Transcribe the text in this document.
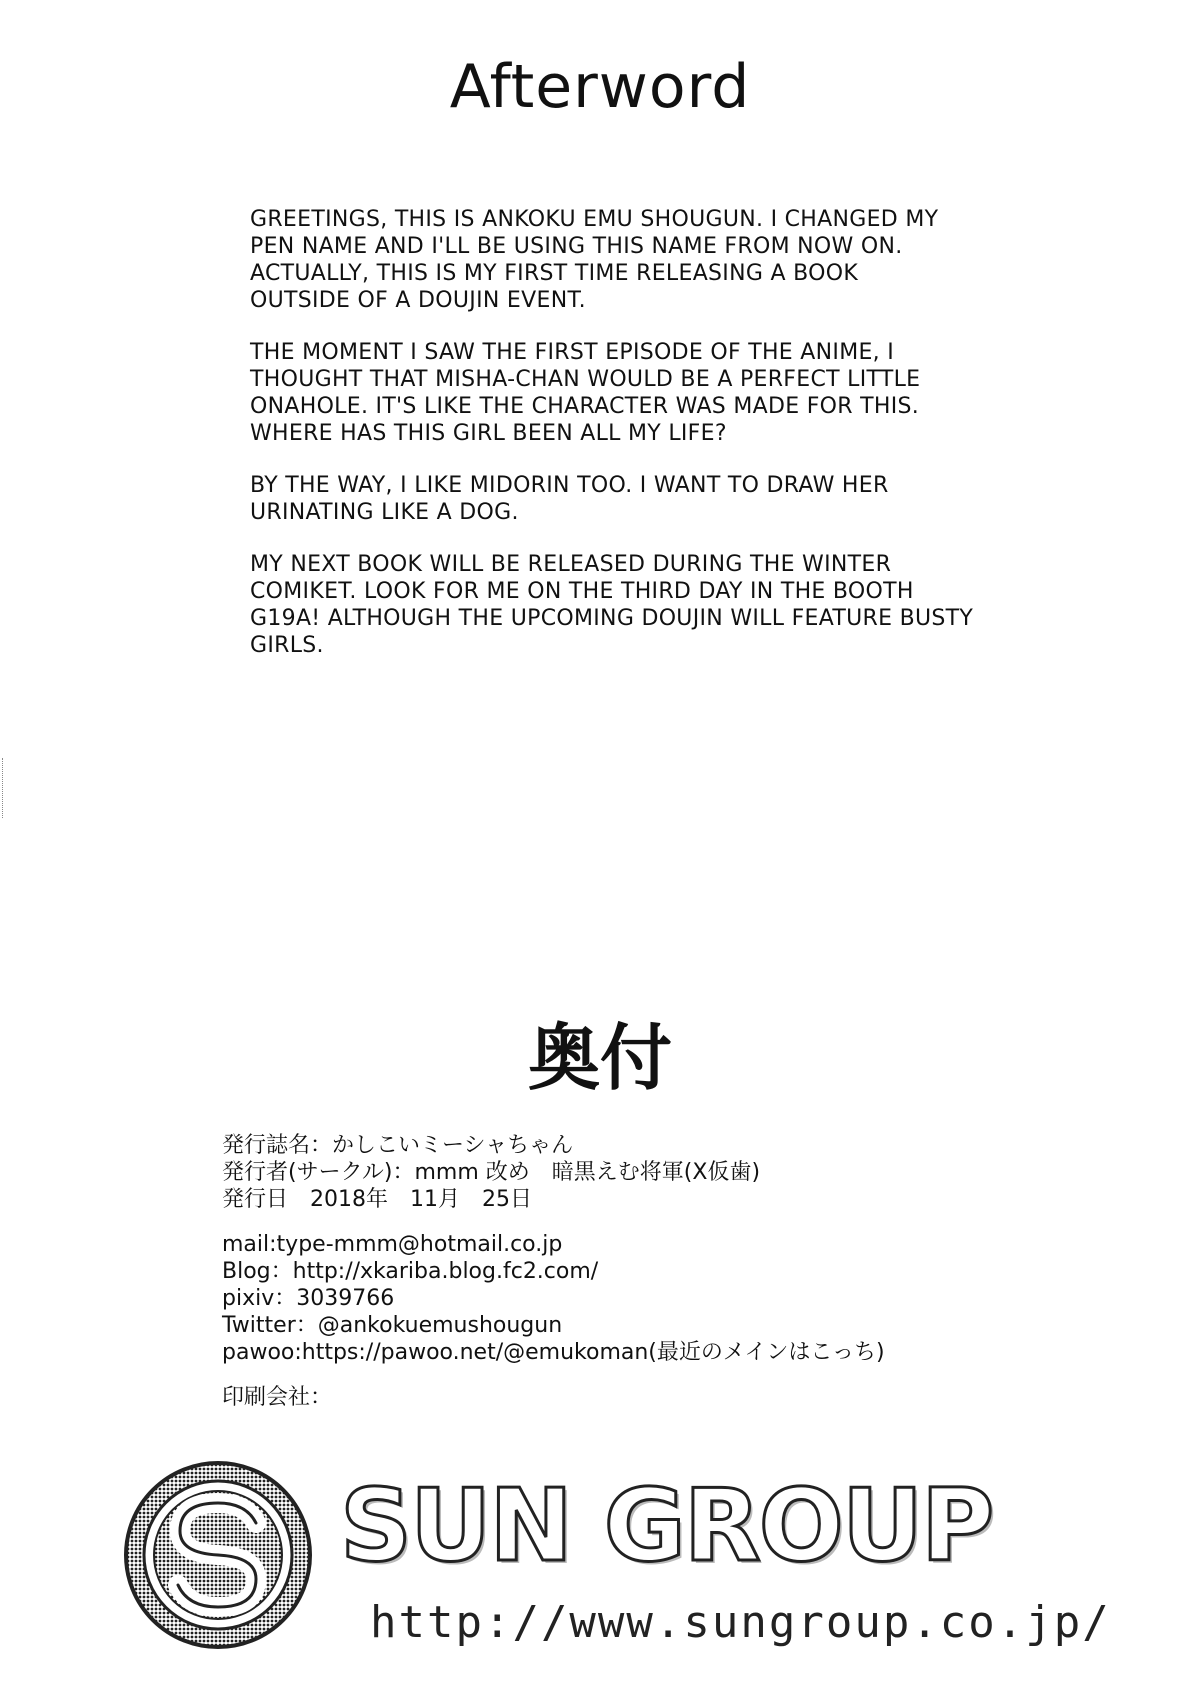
Afterword

GREETINGS, THIS IS ANKOKU EMU SHOUGUN. I CHANGED MY
PEN NAME AND I'LL BE USING THIS NAME FROM NOW ON.
ACTUALLY, THIS IS MY FIRST TIME RELEASING A BOOK
OUTSIDE OF A DOUJIN EVENT.

THE MOMENT I SAW THE FIRST EPISODE OF THE ANIME, I
THOUGHT THAT MISHA-CHAN WOULD BE A PERFECT LITTLE
ONAHOLE. IT'S LIKE THE CHARACTER WAS MADE FOR THIS.
WHERE HAS THIS GIRL BEEN ALL MY LIFE?

BY THE WAY, I LIKE MIDORIN TOO. I WANT TO DRAW HER
URINATING LIKE A DOG.

MY NEXT BOOK WILL BE RELEASED DURING THE WINTER
COMIKET. LOOK FOR ME ON THE THIRD DAY IN THE BOOTH
G19A! ALTHOUGH THE UPCOMING DOUJIN WILL FEATURE BUSTY
GIRLS.

奥付

発行誌名：かしこいミーシャちゃん

発行者(サークル)：mmm 改め　暗黒えむ将軍(X仮歯)

発行日　2018年　11月　25日

mail:type-mmm@hotmail.co.jp

Blog：http://xkariba.blog.fc2.com/

pixiv：3039766

Twitter：@ankokuemushougun

pawoo:https://pawoo.net/@emukoman(最近のメインはこっち)

印刷会社：

SUN GROUP
http://www.sungroup.co.jp/
